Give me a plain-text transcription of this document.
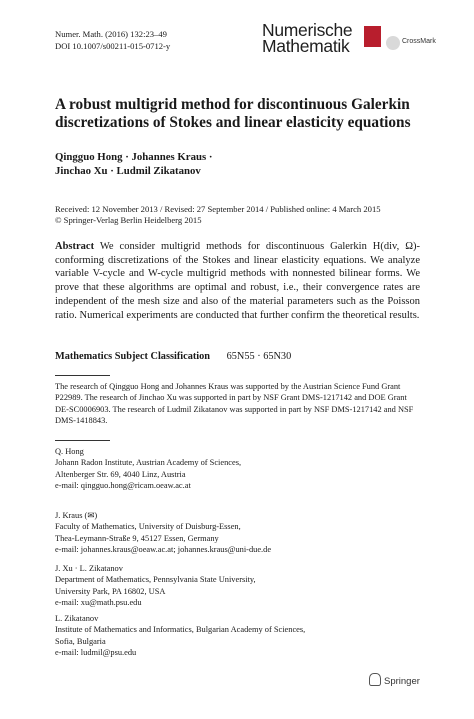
Numer. Math. (2016) 132:23–49
DOI 10.1007/s00211-015-0712-y
Numerische
Mathematik	CrossMark
A robust multigrid method for discontinuous Galerkin
discretizations of Stokes and linear elasticity equations
Qingguo Hong · Johannes Kraus ·
Jinchao Xu · Ludmil Zikatanov
Received: 12 November 2013 / Revised: 27 September 2014 / Published online: 4 March 2015
© Springer-Verlag Berlin Heidelberg 2015
Abstract We consider multigrid methods for discontinuous Galerkin H(div, Ω)-conforming discretizations of the Stokes and linear elasticity equations. We analyze variable V-cycle and W-cycle multigrid methods with nonnested bilinear forms. We prove that these algorithms are optimal and robust, i.e., their convergence rates are independent of the mesh size and also of the material parameters such as the Poisson ratio. Numerical experiments are conducted that further confirm the theoretical results.
Mathematics Subject Classification 65N55 · 65N30
The research of Qingguo Hong and Johannes Kraus was supported by the Austrian Science Fund Grant P22989. The research of Jinchao Xu was supported in part by NSF Grant DMS-1217142 and DOE Grant DE-SC0006903. The research of Ludmil Zikatanov was supported in part by NSF DMS-1217142 and NSF DMS-1418843.
Q. Hong
Johann Radon Institute, Austrian Academy of Sciences,
Altenberger Str. 69, 4040 Linz, Austria
e-mail: qingguo.hong@ricam.oeaw.ac.at
J. Kraus (✉)
Faculty of Mathematics, University of Duisburg-Essen,
Thea-Leymann-Straße 9, 45127 Essen, Germany
e-mail: johannes.kraus@oeaw.ac.at; johannes.kraus@uni-due.de
J. Xu · L. Zikatanov
Department of Mathematics, Pennsylvania State University,
University Park, PA 16802, USA
e-mail: xu@math.psu.edu
L. Zikatanov
Institute of Mathematics and Informatics, Bulgarian Academy of Sciences,
Sofia, Bulgaria
e-mail: ludmil@psu.edu
Springer
